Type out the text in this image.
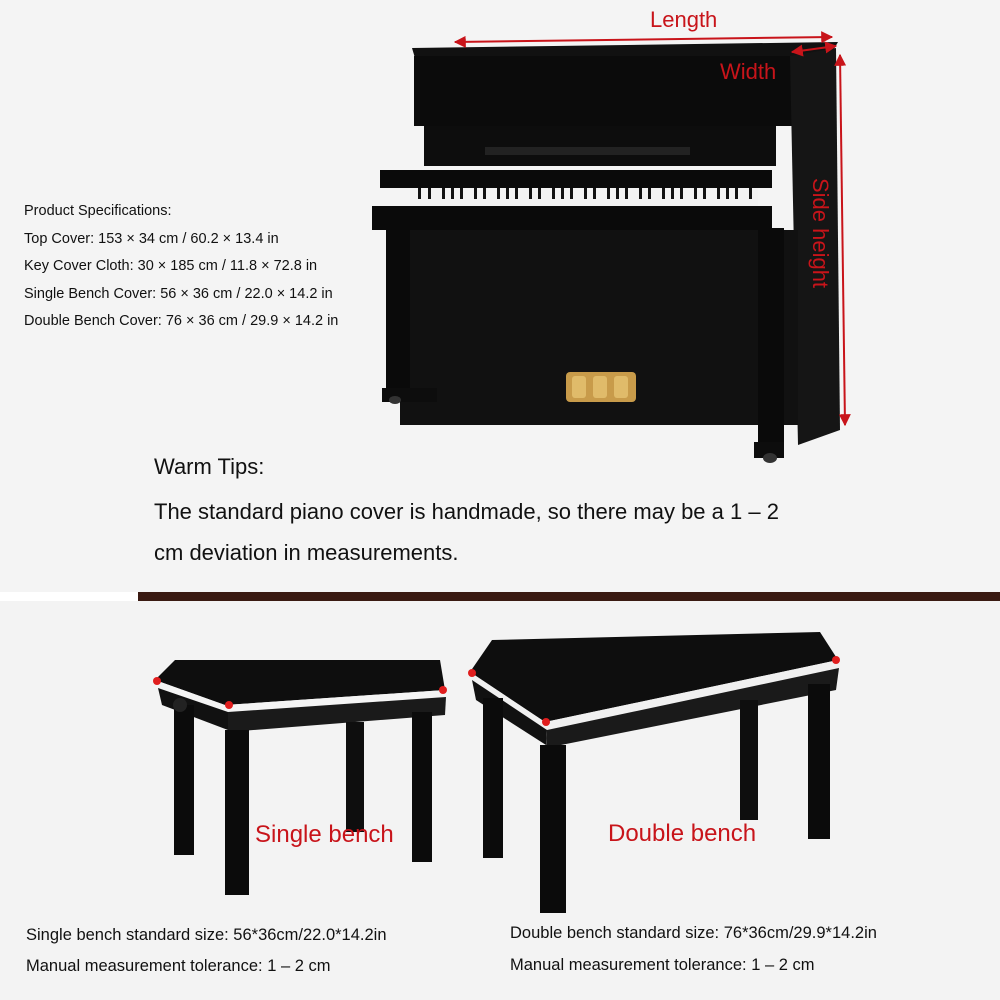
Product Specifications:
Top Cover: 153 × 34 cm / 60.2 × 13.4 in
Key Cover Cloth: 30 × 185 cm / 11.8 × 72.8 in
Single Bench Cover: 56 × 36 cm / 22.0 × 14.2 in
Double Bench Cover: 76 × 36 cm / 29.9 × 14.2 in
Length
Width
Side height
Warm Tips:
The standard piano cover is handmade, so there may be a 1 – 2
cm deviation in measurements.
Single bench	Double bench
Single bench standard size: 56*36cm/22.0*14.2in
Manual measurement tolerance: 1 – 2 cm
Double bench standard size: 76*36cm/29.9*14.2in
Manual measurement tolerance: 1 – 2 cm
